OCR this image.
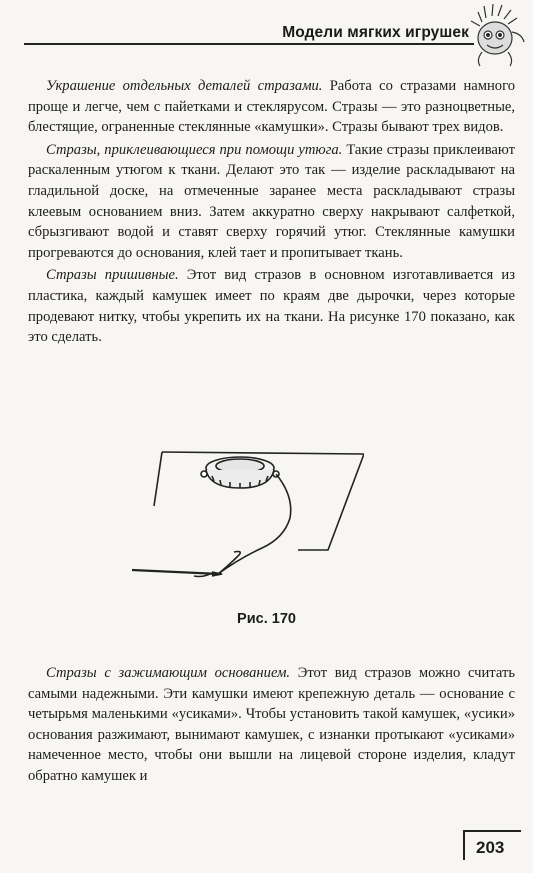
Модели мягких игрушек

Украшение отдельных деталей стразами. Работа со стразами намного проще и легче, чем с пайетками и стеклярусом. Стразы — это разноцветные, блестящие, ограненные стеклянные «камушки». Стразы бывают трех видов.

Стразы, приклеивающиеся при помощи утюга. Такие стразы приклеивают раскаленным утюгом к ткани. Делают это так — изделие раскладывают на гладильной доске, на отмеченные заранее места раскладывают стразы клеевым основанием вниз. Затем аккуратно сверху накрывают салфеткой, сбрызгивают водой и ставят сверху горячий утюг. Стеклянные камушки прогреваются до основания, клей тает и пропитывает ткань.

Стразы пришивные. Этот вид стразов в основном изготавливается из пластика, каждый камушек имеет по краям две дырочки, через которые продевают нитку, чтобы укрепить их на ткани. На рисунке 170 показано, как это сделать.

Рис. 170

Стразы с зажимающим основанием. Этот вид стразов можно считать самыми надежными. Эти камушки имеют крепежную деталь — основание с четырьмя маленькими «усиками». Чтобы установить такой камушек, «усики» основания разжимают, вынимают камушек, с изнанки протыкают «усиками» намеченное место, чтобы они вышли на лицевой стороне изделия, кладут обратно камушек и

203
